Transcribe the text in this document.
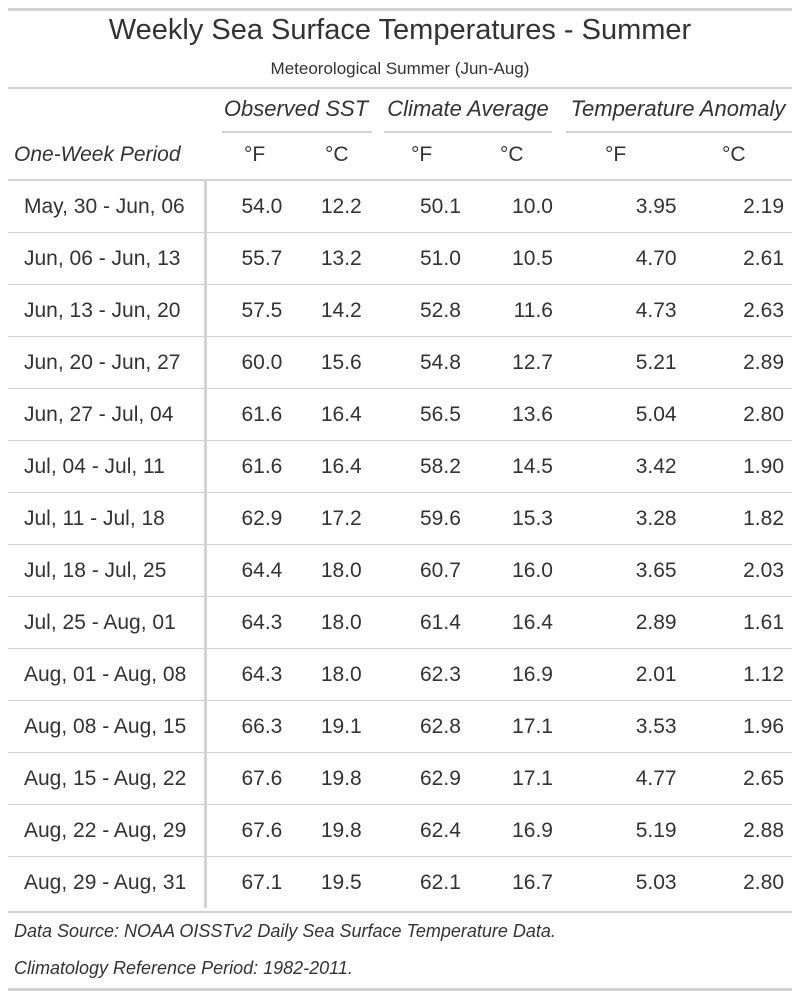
Weekly Sea Surface Temperatures - Summer
Meteorological Summer (Jun-Aug)
Observed SST Climate Average Temperature Anomaly
One-Week Period	°F	°C	°F	°C	°F	°C
May, 30 - Jun, 06	54.0	12.2	50.1	10.0	3.95	2.19
Jun, 06 - Jun, 13	55.7	13.2	51.0	10.5	4.70	2.61
Jun, 13 - Jun, 20	57.5	14.2	52.8	11.6	4.73	2.63
Jun, 20 - Jun, 27	60.0	15.6	54.8	12.7	5.21	2.89
Jun, 27 - Jul, 04	61.6	16.4	56.5	13.6	5.04	2.80
Jul, 04 - Jul, 11	61.6	16.4	58.2	14.5	3.42	1.90
Jul, 11 - Jul, 18	62.9	17.2	59.6	15.3	3.28	1.82
Jul, 18 - Jul, 25	64.4	18.0	60.7	16.0	3.65	2.03
Jul, 25 - Aug, 01	64.3	18.0	61.4	16.4	2.89	1.61
Aug, 01 - Aug, 08	64.3	18.0	62.3	16.9	2.01	1.12
Aug, 08 - Aug, 15	66.3	19.1	62.8	17.1	3.53	1.96
Aug, 15 - Aug, 22	67.6	19.8	62.9	17.1	4.77	2.65
Aug, 22 - Aug, 29	67.6	19.8	62.4	16.9	5.19	2.88
Aug, 29 - Aug, 31	67.1	19.5	62.1	16.7	5.03	2.80
Data Source: NOAA OISSTv2 Daily Sea Surface Temperature Data.
Climatology Reference Period: 1982-2011.
